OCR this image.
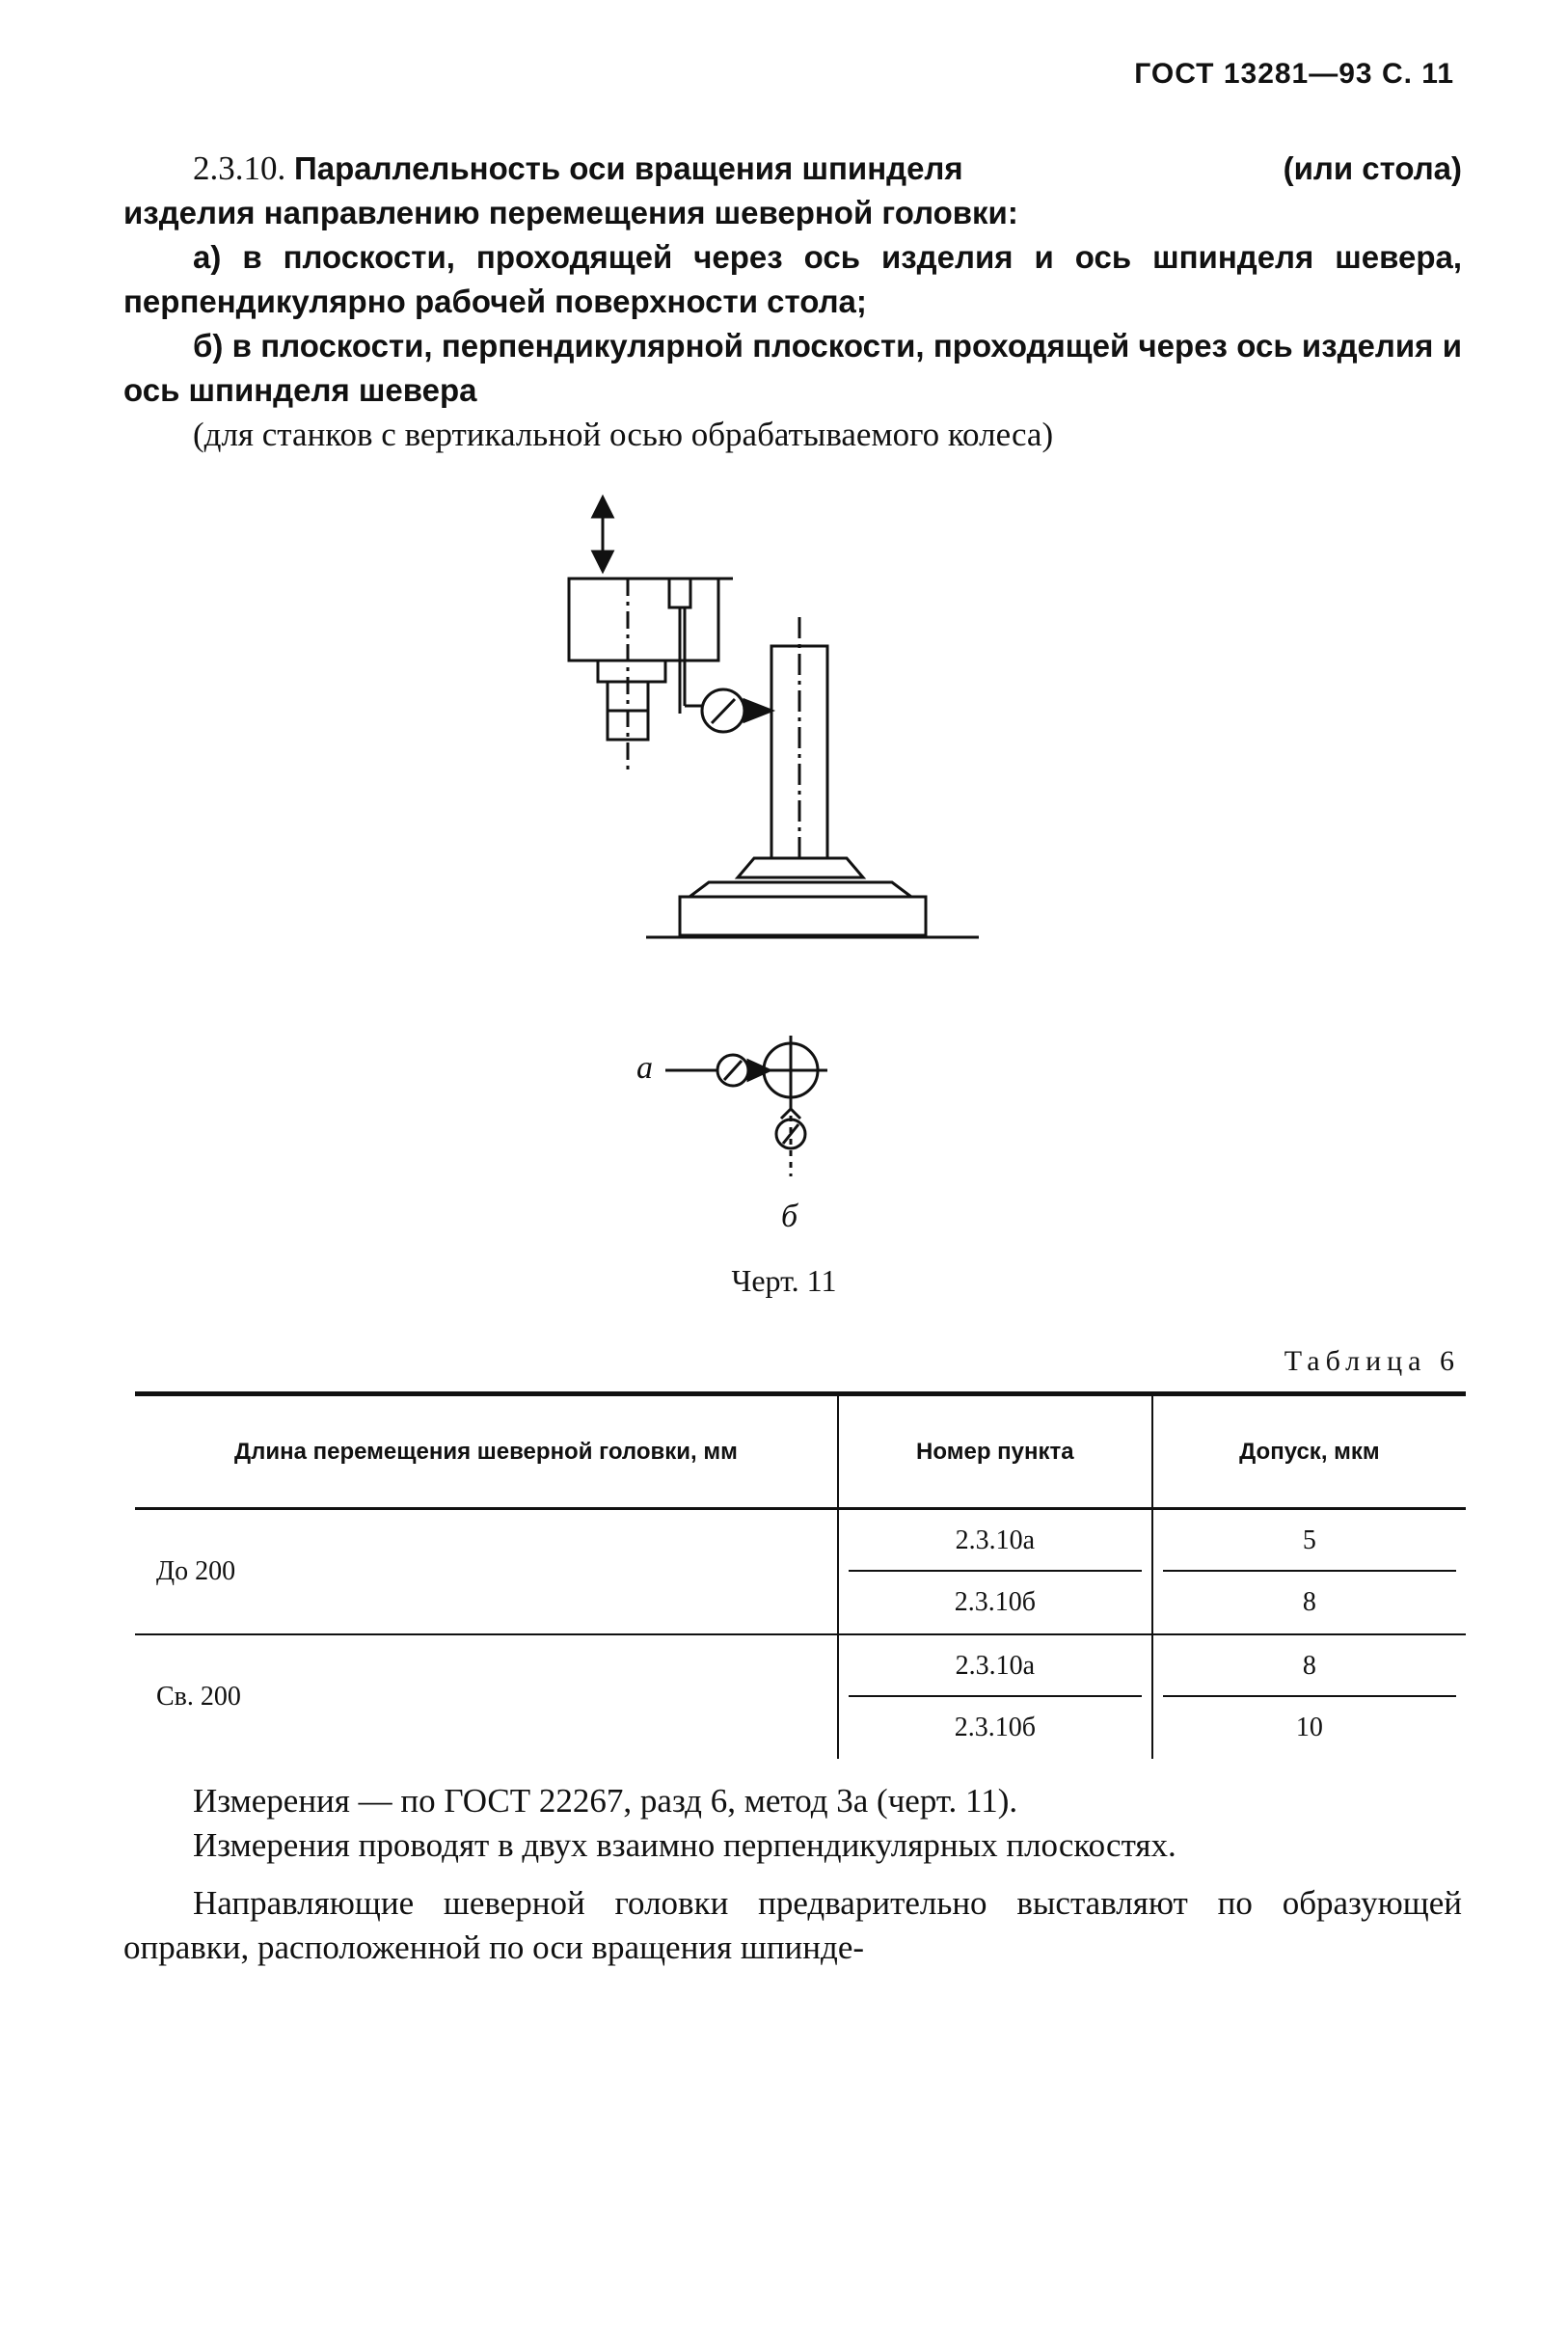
ГОСТ 13281—93 С. 11

2.3.10. Параллельность оси вращения шпинделя	(или стола)

изделия направлению перемещения шеверной головки:

а) в плоскости, проходящей через ось изделия и ось шпинделя шевера, перпендикулярно рабочей поверхности стола;

б) в плоскости, перпендикулярной плоскости, проходящей через ось изделия и ось шпинделя шевера

(для станков с вертикальной осью обрабатываемого колеса)

а
б
Черт. 11
Таблица 6
Длина перемещения шеверной головки, мм	Номер пункта	Допуск, мкм
До 200	2.3.10а	5
	2.3.10б	8
Св. 200	2.3.10а	8
	2.3.10б	10

Измерения — по ГОСТ 22267, разд 6, метод 3а (черт. 11).

Измерения проводят в двух взаимно перпендикулярных плоскостях.

Направляющие шеверной головки предварительно выставляют по образующей оправки, расположенной по оси вращения шпинде-
